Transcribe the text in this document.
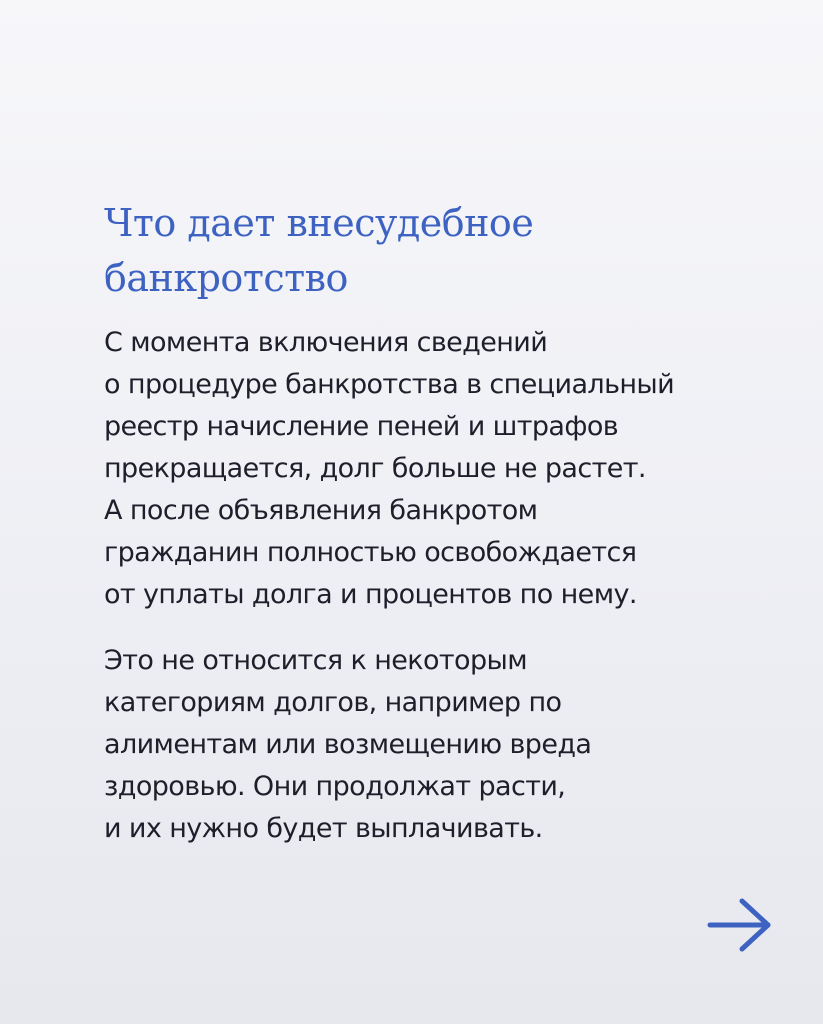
Что дает внесудебное
банкротство

С момента включения сведений
о процедуре банкротства в специальный
реестр начисление пеней и штрафов
прекращается, долг больше не растет.
А после объявления банкротом
гражданин полностью освобождается
от уплаты долга и процентов по нему.

Это не относится к некоторым
категориям долгов, например по
алиментам или возмещению вреда
здоровью. Они продолжат расти,
и их нужно будет выплачивать.
